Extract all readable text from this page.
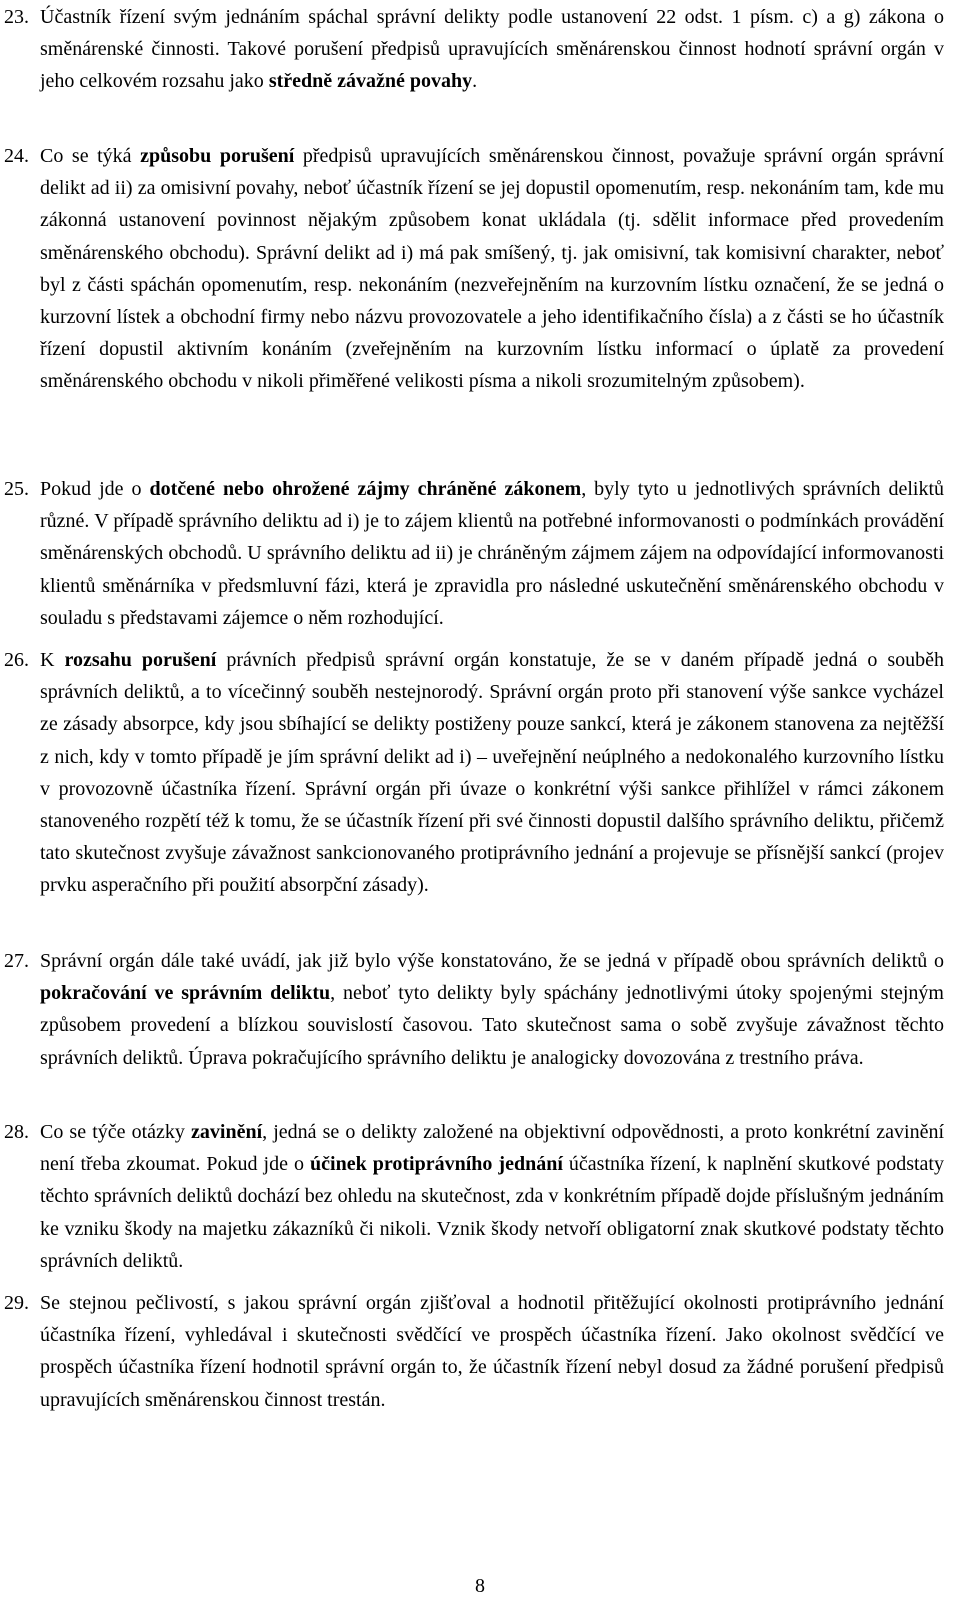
23. Účastník řízení svým jednáním spáchal správní delikty podle ustanovení 22 odst. 1 písm. c) a g) zákona o směnárenské činnosti. Takové porušení předpisů upravujících směnárenskou činnost hodnotí správní orgán v jeho celkovém rozsahu jako středně závažné povahy.
24. Co se týká způsobu porušení předpisů upravujících směnárenskou činnost, považuje správní orgán správní delikt ad ii) za omisivní povahy, neboť účastník řízení se jej dopustil opomenutím, resp. nekonáním tam, kde mu zákonná ustanovení povinnost nějakým způsobem konat ukládala (tj. sdělit informace před provedením směnárenského obchodu). Správní delikt ad i) má pak smíšený, tj. jak omisivní, tak komisivní charakter, neboť byl z části spáchán opomenutím, resp. nekonáním (nezveřejněním na kurzovním lístku označení, že se jedná o kurzovní lístek a obchodní firmy nebo názvu provozovatele a jeho identifikačního čísla) a z části se ho účastník řízení dopustil aktivním konáním (zveřejněním na kurzovním lístku informací o úplatě za provedení směnárenského obchodu v nikoli přiměřené velikosti písma a nikoli srozumitelným způsobem).
25. Pokud jde o dotčené nebo ohrožené zájmy chráněné zákonem, byly tyto u jednotlivých správních deliktů různé. V případě správního deliktu ad i) je to zájem klientů na potřebné informovanosti o podmínkách provádění směnárenských obchodů. U správního deliktu ad ii) je chráněným zájmem zájem na odpovídající informovanosti klientů směnárníka v předsmluvní fázi, která je zpravidla pro následné uskutečnění směnárenského obchodu v souladu s představami zájemce o něm rozhodující.
26. K rozsahu porušení právních předpisů správní orgán konstatuje, že se v daném případě jedná o souběh správních deliktů, a to vícečinný souběh nestejnorodý. Správní orgán proto při stanovení výše sankce vycházel ze zásady absorpce, kdy jsou sbíhající se delikty postiženy pouze sankcí, která je zákonem stanovena za nejtěžší z nich, kdy v tomto případě je jím správní delikt ad i) – uveřejnění neúplného a nedokonalého kurzovního lístku v provozovně účastníka řízení. Správní orgán při úvaze o konkrétní výši sankce přihlížel v rámci zákonem stanoveného rozpětí též k tomu, že se účastník řízení při své činnosti dopustil dalšího správního deliktu, přičemž tato skutečnost zvyšuje závažnost sankcionovaného protiprávního jednání a projevuje se přísnější sankcí (projev prvku asperačního při použití absorpční zásady).
27. Správní orgán dále také uvádí, jak již bylo výše konstatováno, že se jedná v případě obou správních deliktů o pokračování ve správním deliktu, neboť tyto delikty byly spáchány jednotlivými útoky spojenými stejným způsobem provedení a blízkou souvislostí časovou. Tato skutečnost sama o sobě zvyšuje závažnost těchto správních deliktů. Úprava pokračujícího správního deliktu je analogicky dovozována z trestního práva.
28. Co se týče otázky zavinění, jedná se o delikty založené na objektivní odpovědnosti, a proto konkrétní zavinění není třeba zkoumat. Pokud jde o účinek protiprávního jednání účastníka řízení, k naplnění skutkové podstaty těchto správních deliktů dochází bez ohledu na skutečnost, zda v konkrétním případě dojde příslušným jednáním ke vzniku škody na majetku zákazníků či nikoli. Vznik škody netvoří obligatorní znak skutkové podstaty těchto správních deliktů.
29. Se stejnou pečlivostí, s jakou správní orgán zjišťoval a hodnotil přitěžující okolnosti protiprávního jednání účastníka řízení, vyhledával i skutečnosti svědčící ve prospěch účastníka řízení. Jako okolnost svědčící ve prospěch účastníka řízení hodnotil správní orgán to, že účastník řízení nebyl dosud za žádné porušení předpisů upravujících směnárenskou činnost trestán.
8
